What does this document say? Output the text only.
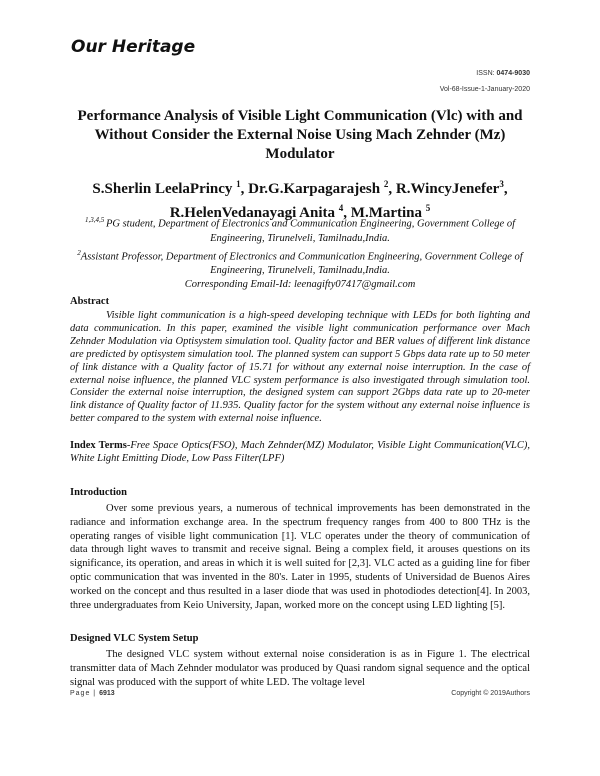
Our Heritage
ISSN: 0474-9030
Vol-68-Issue-1-January-2020
Performance Analysis of Visible Light Communication (Vlc) with and Without Consider the External Noise Using Mach Zehnder (Mz) Modulator
S.Sherlin LeelaPrincy $^1$, Dr.G.Karpagarajesh $^2$, R.WincyJenefer$^3$,
R.HelenVedanayagi Anita $^4$, M.Martina $^5$
$^{1,3,4,5}$ PG student, Department of Electronics and Communication Engineering, Government College of Engineering, Tirunelveli, Tamilnadu,India.
$^2$Assistant Professor, Department of Electronics and Communication Engineering, Government College of Engineering, Tirunelveli, Tamilnadu,India.
Corresponding Email-Id: leenagifty07417@gmail.com
Abstract
Visible light communication is a high-speed developing technique with LEDs for both lighting and data communication. In this paper, examined the visible light communication performance over Mach Zehnder Modulation via Optisystem simulation tool. Quality factor and BER values of different link distance are predicted by optisystem simulation tool. The planned system can support 5 Gbps data rate up to 50 meter of link distance with a Quality factor of 15.71 for without any external noise interruption. In the case of external noise influence, the planned VLC system performance is also investigated through simulation tool. Consider the external noise interruption, the designed system can support 2Gbps data rate up to 20-meter link distance of Quality factor of 11.935. Quality factor for the system without any external noise influence is better compared to the system with external noise influence.
Index Terms-Free Space Optics(FSO), Mach Zehnder(MZ) Modulator, Visible Light Communication(VLC), White Light Emitting Diode, Low Pass Filter(LPF)
Introduction
Over some previous years, a numerous of technical improvements has been demonstrated in the radiance and information exchange area. In the spectrum frequency ranges from 400 to 800 THz is the operating ranges of visible light communication [1]. VLC operates under the theory of communication of data through light waves to transmit and receive signal. Being a complex field, it arouses questions on its significance, its operation, and areas in which it is well suited for [2,3]. VLC acted as a guiding line for fiber optic communication that was invented in the 80's. Later in 1995, students of Universidad de Buenos Aires worked on the concept and thus resulted in a laser diode that was used in photodiodes detection[4]. In 2003, three undergraduates from Keio University, Japan, worked more on the concept using LED lighting [5].
Designed VLC System Setup
The designed VLC system without external noise consideration is as in Figure 1. The electrical transmitter data of Mach Zehnder modulator was produced by Quasi random signal sequence and the optical signal was produced with the support of white LED. The voltage level
Page | 6913	Copyright © 2019Authors
